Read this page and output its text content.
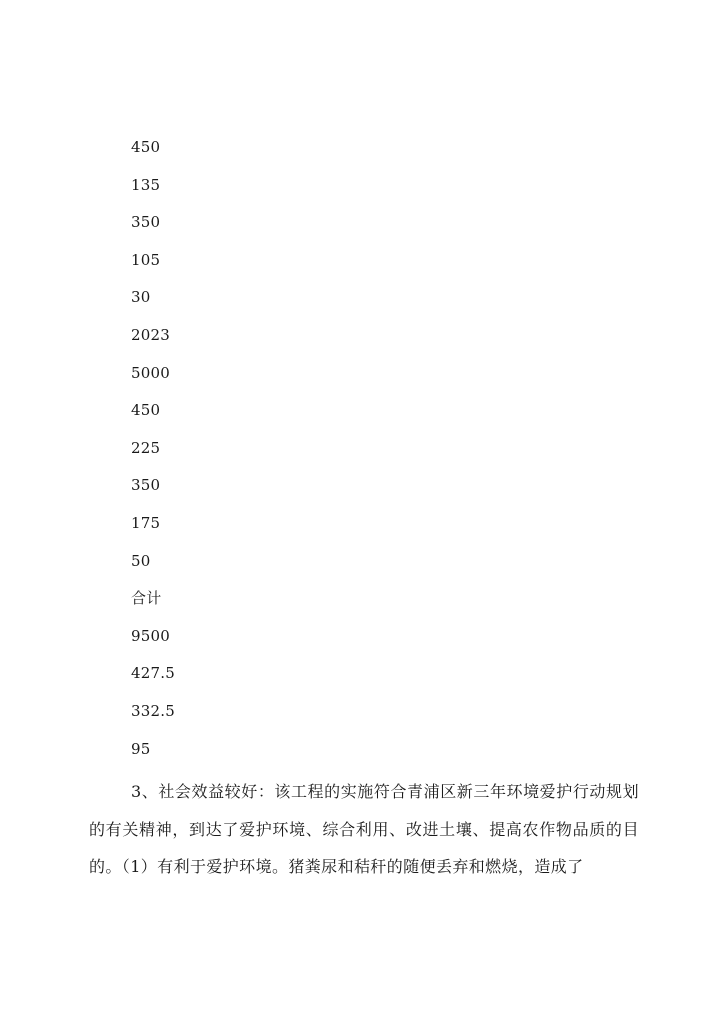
450
135
350
105
30
2023
5000
450
225
350
175
50
合计
9500
427.5
332.5
95
3、社会效益较好：该工程的实施符合青浦区新三年环境爱护行动规划的有关精神，到达了爱护环境、综合利用、改进土壤、提高农作物品质的目的。（1）有利于爱护环境。猪粪尿和秸秆的随便丢弃和燃烧，造成了
